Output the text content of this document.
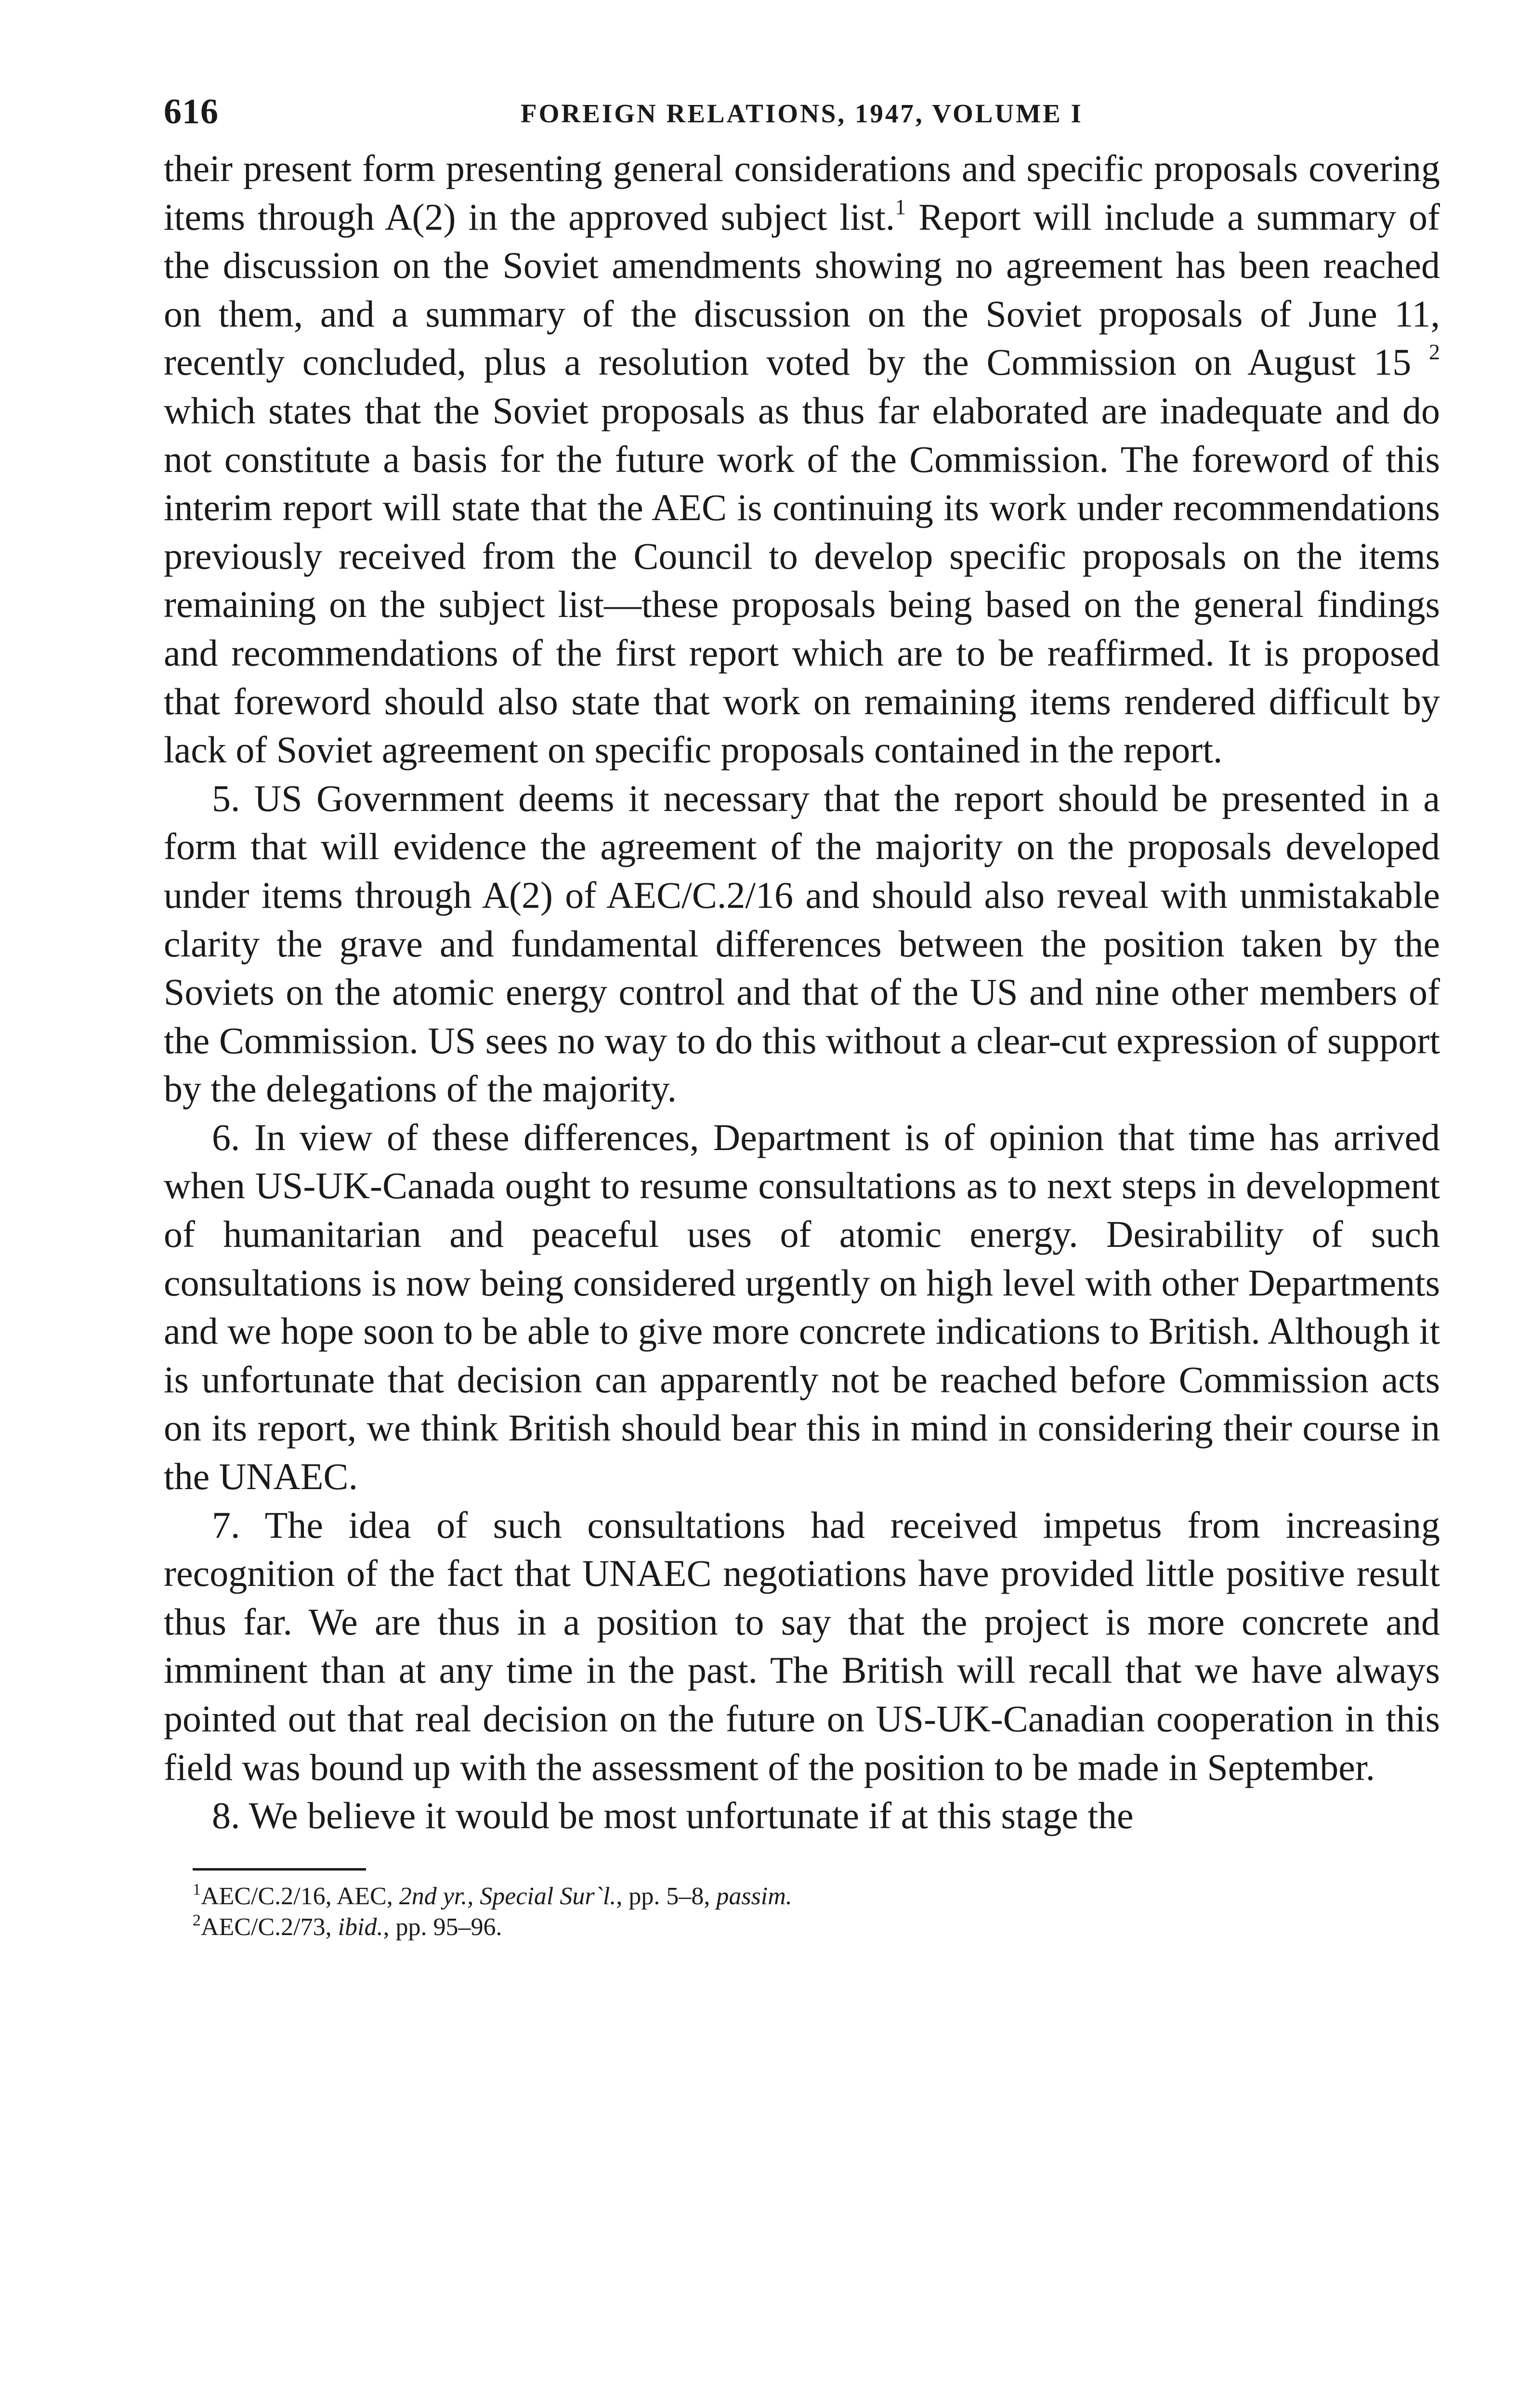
616	FOREIGN RELATIONS, 1947, VOLUME I

their present form presenting general considerations and specific proposals covering items through A(2) in the approved subject list.$^1$ Report will include a summary of the discussion on the Soviet amendments showing no agreement has been reached on them, and a summary of the discussion on the Soviet proposals of June 11, recently concluded, plus a resolution voted by the Commission on August 15 $^2$ which states that the Soviet proposals as thus far elaborated are inadequate and do not constitute a basis for the future work of the Commission. The foreword of this interim report will state that the AEC is continuing its work under recommendations previously received from the Council to develop specific proposals on the items remaining on the subject list—these proposals being based on the general findings and recommendations of the first report which are to be reaffirmed. It is proposed that foreword should also state that work on remaining items rendered difficult by lack of Soviet agreement on specific proposals contained in the report.

5. US Government deems it necessary that the report should be presented in a form that will evidence the agreement of the majority on the proposals developed under items through A(2) of AEC/C.2/16 and should also reveal with unmistakable clarity the grave and fundamental differences between the position taken by the Soviets on the atomic energy control and that of the US and nine other members of the Commission. US sees no way to do this without a clear-cut expression of support by the delegations of the majority.

6. In view of these differences, Department is of opinion that time has arrived when US-UK-Canada ought to resume consultations as to next steps in development of humanitarian and peaceful uses of atomic energy. Desirability of such consultations is now being considered urgently on high level with other Departments and we hope soon to be able to give more concrete indications to British. Although it is unfortunate that decision can apparently not be reached before Commission acts on its report, we think British should bear this in mind in considering their course in the UNAEC.

7. The idea of such consultations had received impetus from increasing recognition of the fact that UNAEC negotiations have provided little positive result thus far. We are thus in a position to say that the project is more concrete and imminent than at any time in the past. The British will recall that we have always pointed out that real decision on the future on US-UK-Canadian cooperation in this field was bound up with the assessment of the position to be made in September.

8. We believe it would be most unfortunate if at this stage the

$^1$AEC/C.2/16, AEC, 2nd yr., Special Sur⁠​`l., pp. 5–8, passim.

$^2$AEC/C.2/73, ibid., pp. 95–96.
